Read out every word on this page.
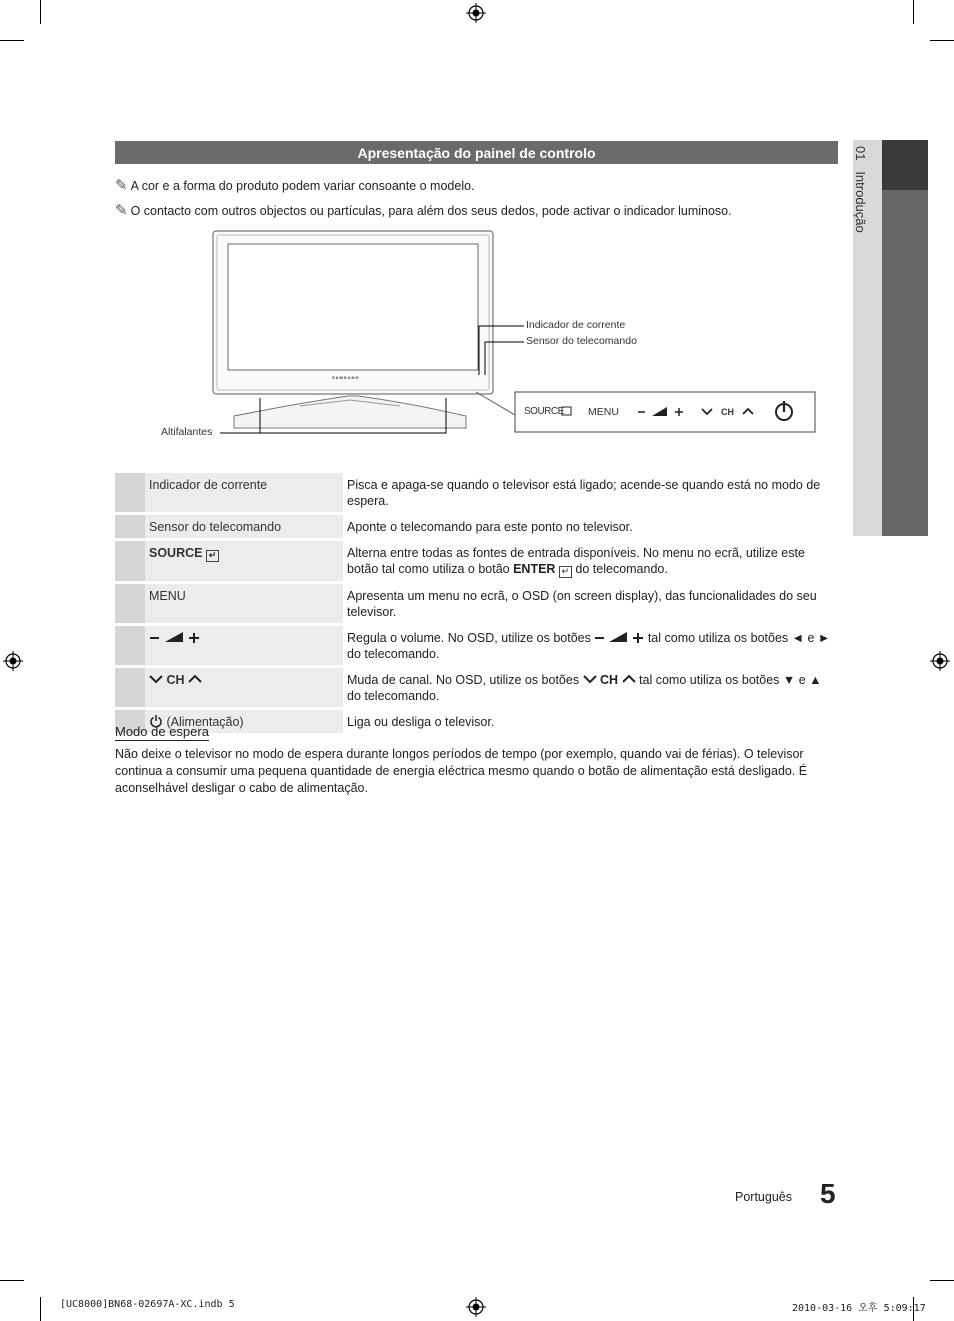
01   Introdução
Apresentação do painel de controlo
✎ A cor e a forma do produto podem variar consoante o modelo.
✎ O contacto com outros objectos ou partículas, para além dos seus dedos, pode activar o indicador luminoso.
SAMSUNG
Indicador de corrente
Sensor do telecomando
Altifalantes
SOURCE MENU	CH
	Indicador de corrente	Pisca e apaga-se quando o televisor está ligado; acende-se quando está no modo de espera.
	Sensor do telecomando	Aponte o telecomando para este ponto no televisor.
	SOURCE ↵	Alterna entre todas as fontes de entrada disponíveis. No menu no ecrã, utilize este botão tal como utiliza o botão ENTER ↵ do telecomando.
	MENU	Apresenta um menu no ecrã, o OSD (on screen display), das funcionalidades do seu televisor.
		Regula o volume. No OSD, utilize os botões tal como utiliza os botões ◄ e ► do telecomando.
	CH	Muda de canal. No OSD, utilize os botões  CH  tal como utiliza os botões ▼ e ▲ do telecomando.
	(Alimentação)	Liga ou desliga o televisor.
Modo de espera
Não deixe o televisor no modo de espera durante longos períodos de tempo (por exemplo, quando vai de férias). O televisor continua a consumir uma pequena quantidade de energia eléctrica mesmo quando o botão de alimentação está desligado. É aconselhável desligar o cabo de alimentação.
Português 5
[UC8000]BN68-02697A-XC.indb 5	2010-03-16 오후 5:09:17
